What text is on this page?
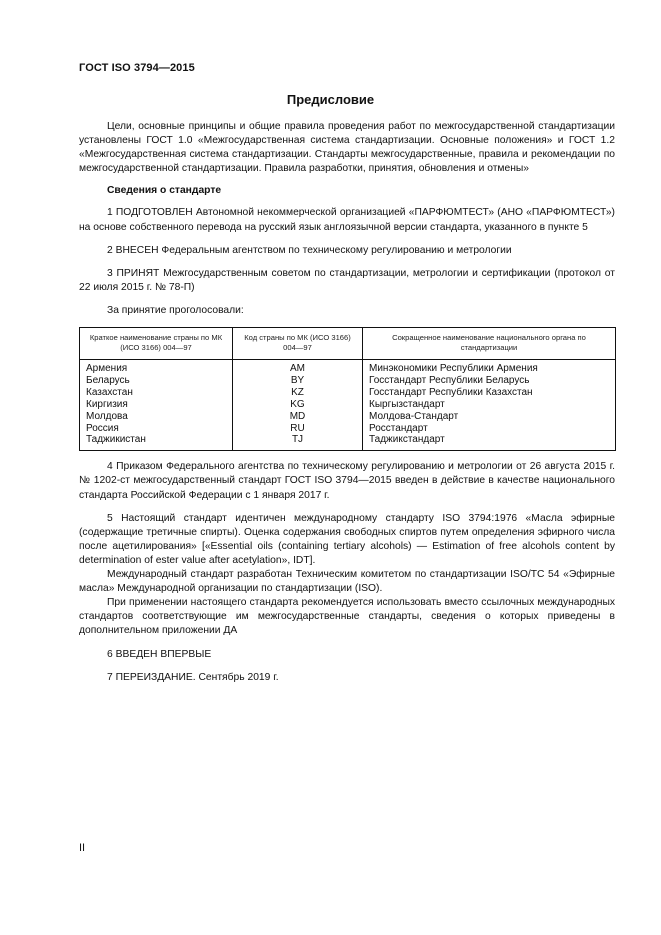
ГОСТ ISO 3794—2015
Предисловие

Цели, основные принципы и общие правила проведения работ по межгосударственной стандартизации установлены ГОСТ 1.0 «Межгосударственная система стандартизации. Основные положения» и ГОСТ 1.2 «Межгосударственная система стандартизации. Стандарты межгосударственные, правила и рекомендации по межгосударственной стандартизации. Правила разработки, принятия, обновления и отмены»

Сведения о стандарте

1 ПОДГОТОВЛЕН Автономной некоммерческой организацией «ПАРФЮМТЕСТ» (АНО «ПАРФЮМТЕСТ») на основе собственного перевода на русский язык англоязычной версии стандарта, указанного в пункте 5

2 ВНЕСЕН Федеральным агентством по техническому регулированию и метрологии

3 ПРИНЯТ Межгосударственным советом по стандартизации, метрологии и сертификации (протокол от 22 июля 2015 г. № 78-П)

За принятие проголосовали:

Краткое наименование страны по МК (ИСО 3166) 004—97	Код страны по МК (ИСО 3166) 004—97	Сокращенное наименование национального органа по стандартизации
Армения	AM	Минэкономики Республики Армения
Беларусь	BY	Госстандарт Республики Беларусь
Казахстан	KZ	Госстандарт Республики Казахстан
Киргизия	KG	Кыргызстандарт
Молдова	MD	Молдова-Стандарт
Россия	RU	Росстандарт
Таджикистан	TJ	Таджикстандарт

4 Приказом Федерального агентства по техническому регулированию и метрологии от 26 августа 2015 г. № 1202-ст межгосударственный стандарт ГОСТ ISO 3794—2015 введен в действие в качестве национального стандарта Российской Федерации с 1 января 2017 г.

5 Настоящий стандарт идентичен международному стандарту ISO 3794:1976 «Масла эфирные (содержащие третичные спирты). Оценка содержания свободных спиртов путем определения эфирного числа после ацетилирования» [«Essential oils (containing tertiary alcohols) — Estimation of free alcohols content by determination of ester value after acetylation», IDT].

Международный стандарт разработан Техническим комитетом по стандартизации ISO/TC 54 «Эфирные масла» Международной организации по стандартизации (ISO).

При применении настоящего стандарта рекомендуется использовать вместо ссылочных международных стандартов соответствующие им межгосударственные стандарты, сведения о которых приведены в дополнительном приложении ДА

6 ВВЕДЕН ВПЕРВЫЕ

7 ПЕРЕИЗДАНИЕ. Сентябрь 2019 г.

II
